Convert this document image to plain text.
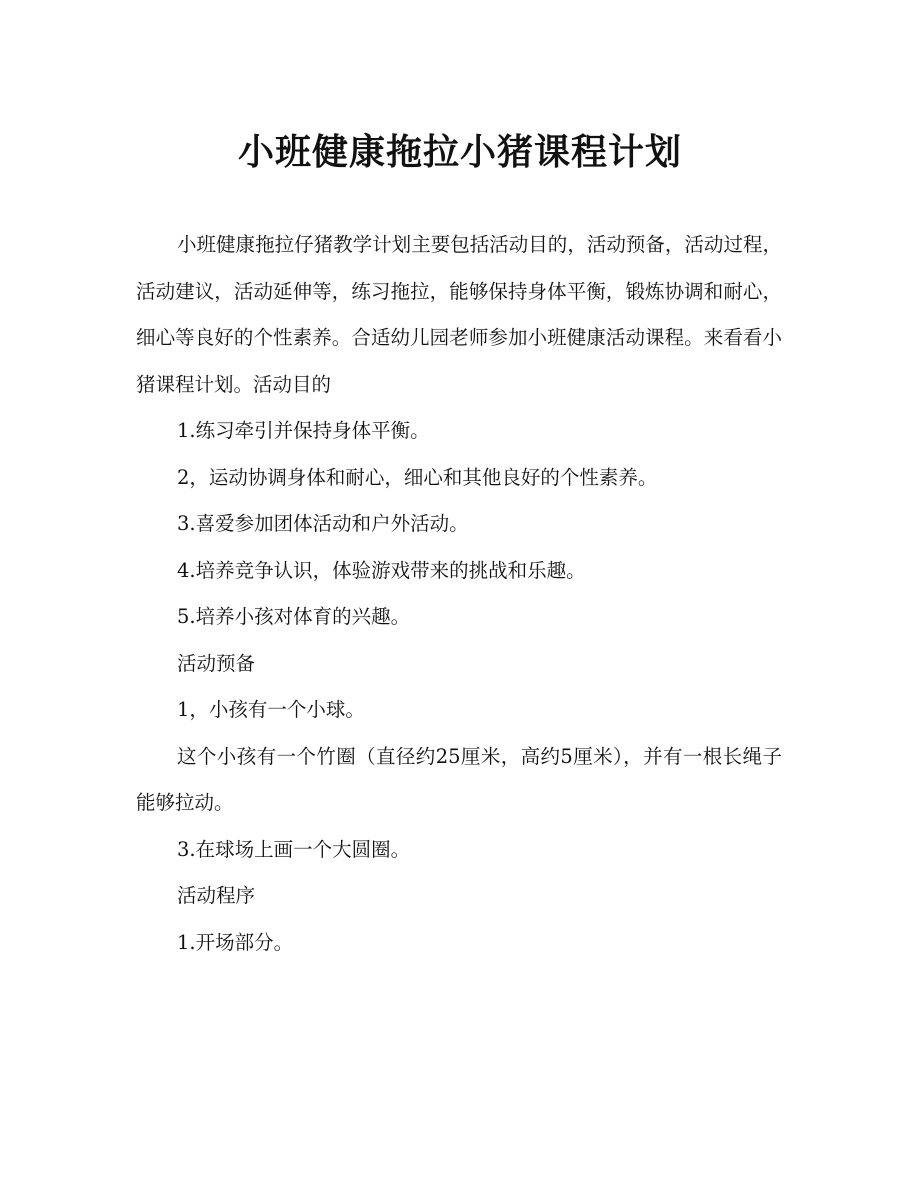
小班健康拖拉小猪课程计划

小班健康拖拉仔猪教学计划主要包括活动目的，活动预备，活动过程，活动建议，活动延伸等，练习拖拉，能够保持身体平衡，锻炼协调和耐心，细心等良好的个性素养。合适幼儿园老师参加小班健康活动课程。来看看小猪课程计划。活动目的

1.练习牵引并保持身体平衡。

2，运动协调身体和耐心，细心和其他良好的个性素养。

3.喜爱参加团体活动和户外活动。

4.培养竞争认识，体验游戏带来的挑战和乐趣。

5.培养小孩对体育的兴趣。

活动预备

1，小孩有一个小球。

这个小孩有一个竹圈（直径约25厘米，高约5厘米），并有一根长绳子能够拉动。

3.在球场上画一个大圆圈。

活动程序

1.开场部分。
